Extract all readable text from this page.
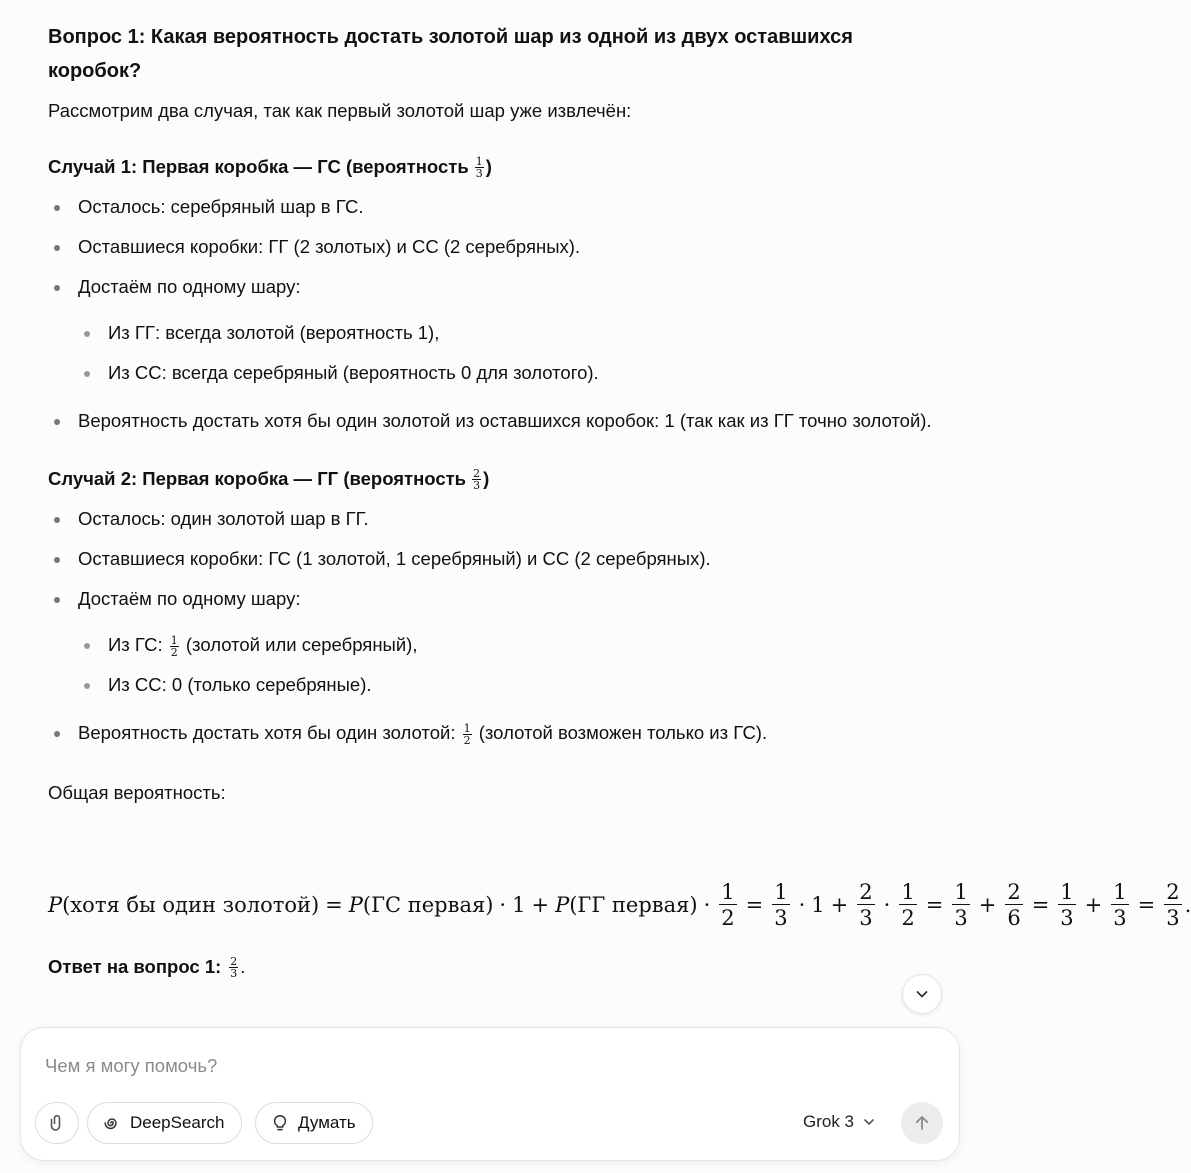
Вопрос 1: Какая вероятность достать золотой шар из одной из двух оставшихся коробок?

Рассмотрим два случая, так как первый золотой шар уже извлечён:

Случай 1: Первая коробка — ГС (вероятность $\frac{1}{3}$ )
Осталось: серебряный шар в ГС.
Оставшиеся коробки: ГГ (2 золотых) и СС (2 серебряных).
Достаём по одному шару:
Из ГГ: всегда золотой (вероятность 1),
Из СС: всегда серебряный (вероятность 0 для золотого).
Вероятность достать хотя бы один золотой из оставшихся коробок: 1 (так как из ГГ точно золотой).
Случай 2: Первая коробка — ГГ (вероятность $\frac{2}{3}$ )
Осталось: один золотой шар в ГГ.
Оставшиеся коробки: ГС (1 золотой, 1 серебряный) и СС (2 серебряных).
Достаём по одному шару:
Из ГС: $\frac{1}{2}$ (золотой или серебряный),
Из СС: 0 (только серебряные).
Вероятность достать хотя бы один золотой: $\frac{1}{2}$ (золотой возможен только из ГС).

Общая вероятность:

P (хотя бы один золотой) = P (ГС первая) · 1 + P (ГГ первая) · $\frac{1}{2} = \frac{1}{3} \cdot 1 + \frac{2}{3} \cdot \frac{1}{2} = \frac{1}{3} + \frac{2}{6} = \frac{1}{3} + \frac{1}{3} = \frac{2}{3}$ .
Ответ на вопрос 1: $\frac{2}{3}$ .
Чем я могу помочь?
DeepSearch	Думать	Grok 3
